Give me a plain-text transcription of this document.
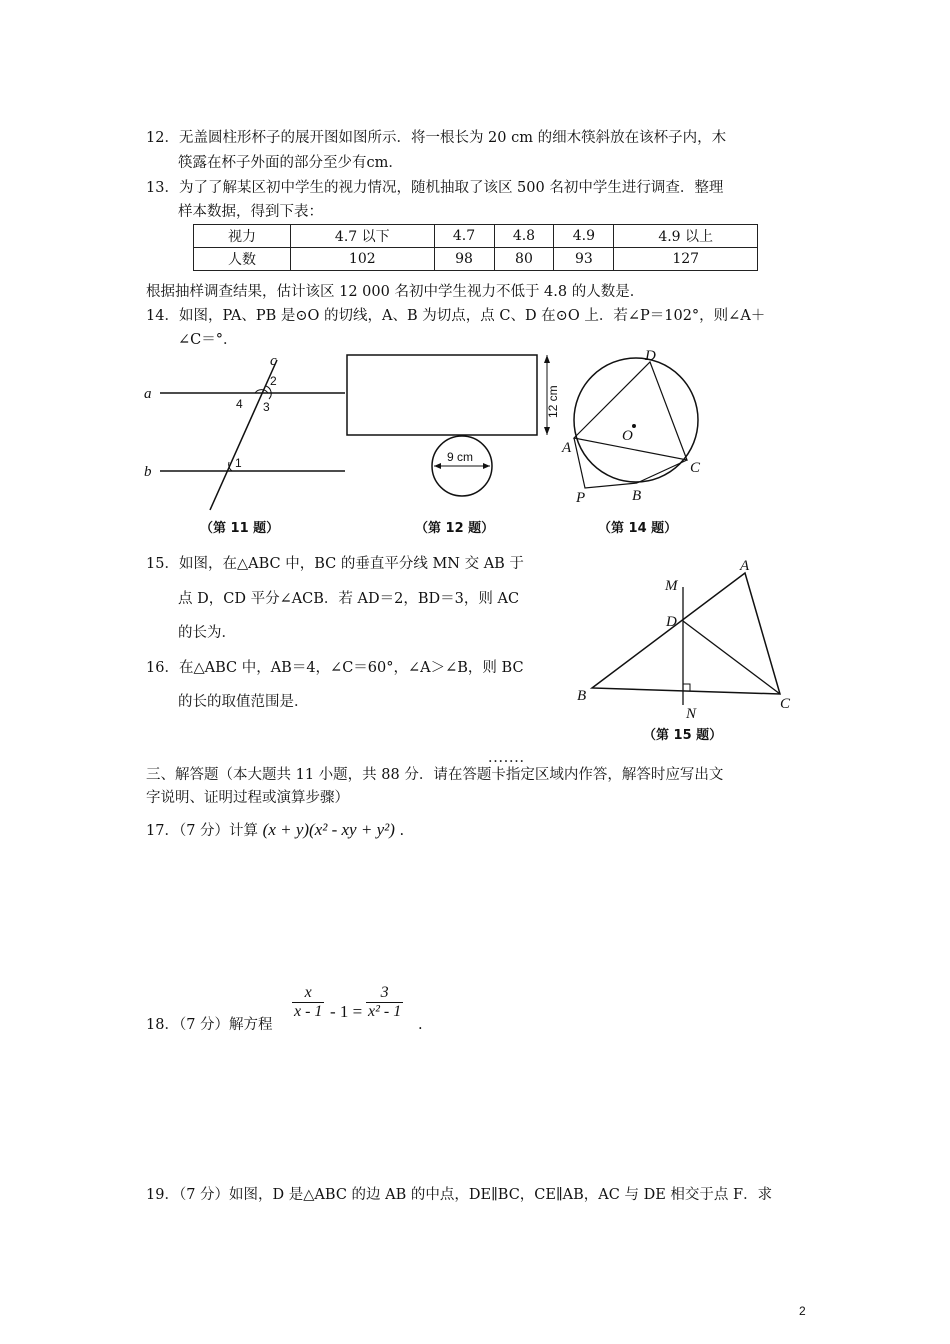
12．无盖圆柱形杯子的展开图如图所示．将一根长为 20 cm 的细木筷斜放在该杯子内，木
筷露在杯子外面的部分至少有cm．
13．为了了解某区初中学生的视力情况，随机抽取了该区 500 名初中学生进行调查．整理
样本数据，得到下表：
视力	4.7 以下	4.7	4.8	4.9	4.9 以上
人数	102	98	80	93	127
根据抽样调查结果，估计该区 12 000 名初中学生视力不低于 4.8 的人数是．
14．如图，PA、PB 是⊙O 的切线，A、B 为切点，点 C、D 在⊙O 上．若∠P＝102°，则∠A＋
∠C＝°．
a
b
c
1
2
3
4	12 cm
9 cm
D
A
O
C
P	B
A
M
D
B
N
C
（第 11 题）	（第 12 题）	（第 14 题）
（第 15 题）
15．如图，在△ABC 中，BC 的垂直平分线 MN 交 AB 于
点 D，CD 平分∠ACB．若 AD＝2，BD＝3，则 AC
的长为．
16．在△ABC 中，AB＝4，∠C＝60°，∠A＞∠B，则 BC
的长的取值范围是．
．．．．．．．
三、解答题（本大题共 11 小题，共 88 分．请在答题卡指定区域内作答，解答时应写出文
字说明、证明过程或演算步骤）
17．（7 分）计算 (x + y)(x² - xy + y²) .
18．（7 分）解方程
$\frac{x}{x - 1} - 1 = \frac{3}{\text{x² - 1}}$
.
19．（7 分）如图，D 是△ABC 的边 AB 的中点，DE∥BC，CE∥AB，AC 与 DE 相交于点 F．求
2
